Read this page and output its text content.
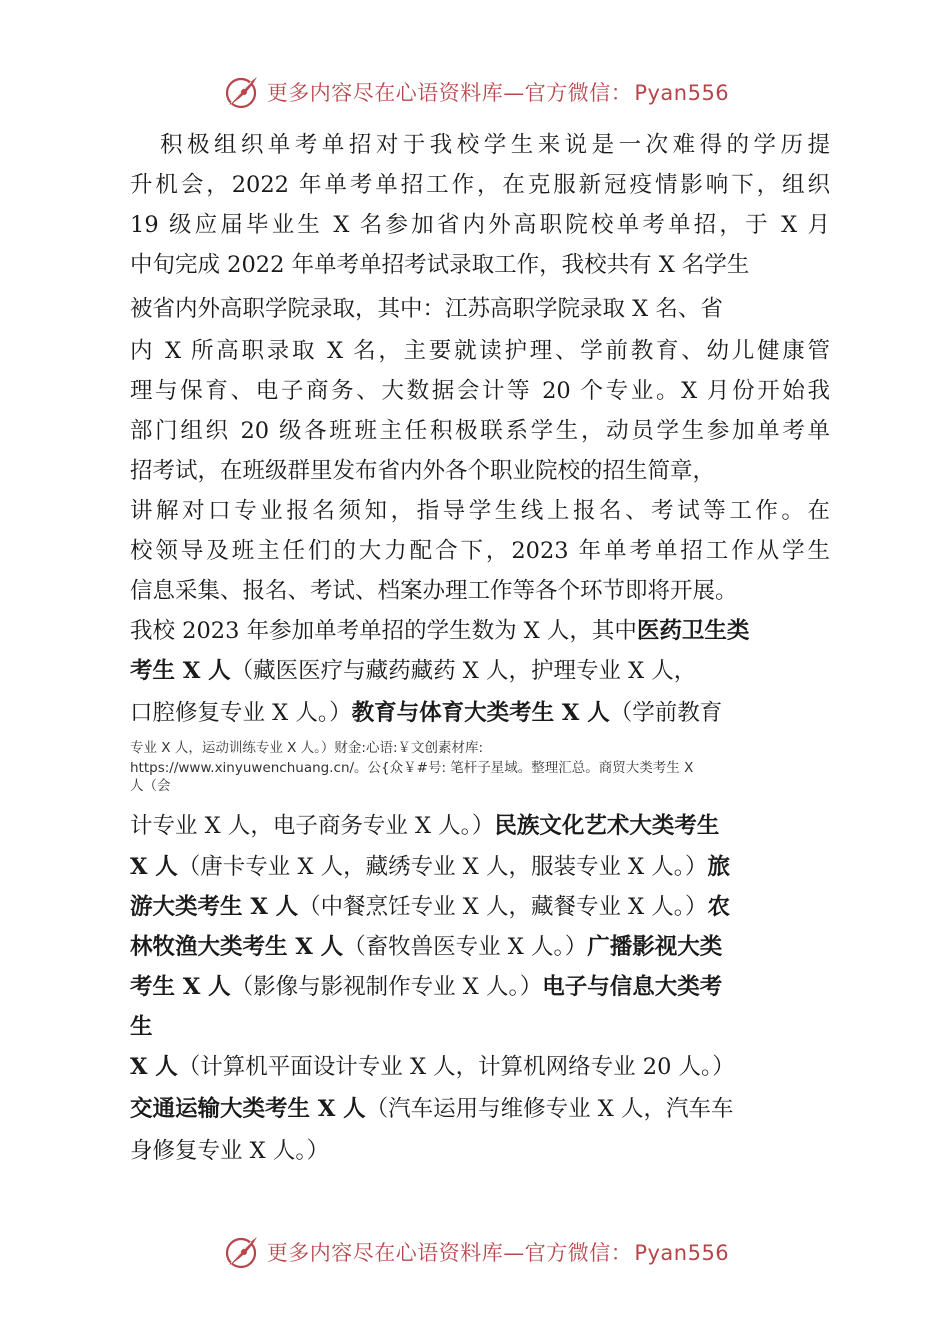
更多内容尽在心语资料库—官方微信：Pyan556
积极组织单考单招对于我校学生来说是一次难得的学历提
升机会，2022 年单考单招工作，在克服新冠疫情影响下，组织
19 级应届毕业生 X 名参加省内外高职院校单考单招，于 X 月
中旬完成 2022 年单考单招考试录取工作，我校共有 X 名学生
被省内外高职学院录取，其中：江苏高职学院录取 X 名、省
内 X 所高职录取 X 名，主要就读护理、学前教育、幼儿健康管
理与保育、电子商务、大数据会计等 20 个专业。X 月份开始我
部门组织 20 级各班班主任积极联系学生，动员学生参加单考单
招考试，在班级群里发布省内外各个职业院校的招生简章，
讲解对口专业报名须知，指导学生线上报名、考试等工作。在
校领导及班主任们的大力配合下，2023 年单考单招工作从学生
信息采集、报名、考试、档案办理工作等各个环节即将开展。
我校 2023 年参加单考单招的学生数为 X 人，其中医药卫生类
考生 X 人（藏医医疗与藏药藏药 X 人，护理专业 X 人，
口腔修复专业 X 人。）教育与体育大类考生 X 人（学前教育
专业 X 人，运动训练专业 X 人。）财金:心语:￥文创素材库:
https://www.xinyuwenchuang.cn/。公{众￥#号: 笔杆子星域。整理汇总。商贸大类考生 X
人（会
计专业 X 人，电子商务专业 X 人。）民族文化艺术大类考生
X 人（唐卡专业 X 人，藏绣专业 X 人，服装专业 X 人。）旅
游大类考生 X 人（中餐烹饪专业 X 人，藏餐专业 X 人。）农
林牧渔大类考生 X 人（畜牧兽医专业 X 人。）广播影视大类
考生 X 人（影像与影视制作专业 X 人。）电子与信息大类考
生
X 人（计算机平面设计专业 X 人，计算机网络专业 20 人。）
交通运输大类考生 X 人（汽车运用与维修专业 X 人，汽车车
身修复专业 X 人。）
更多内容尽在心语资料库—官方微信：Pyan556
